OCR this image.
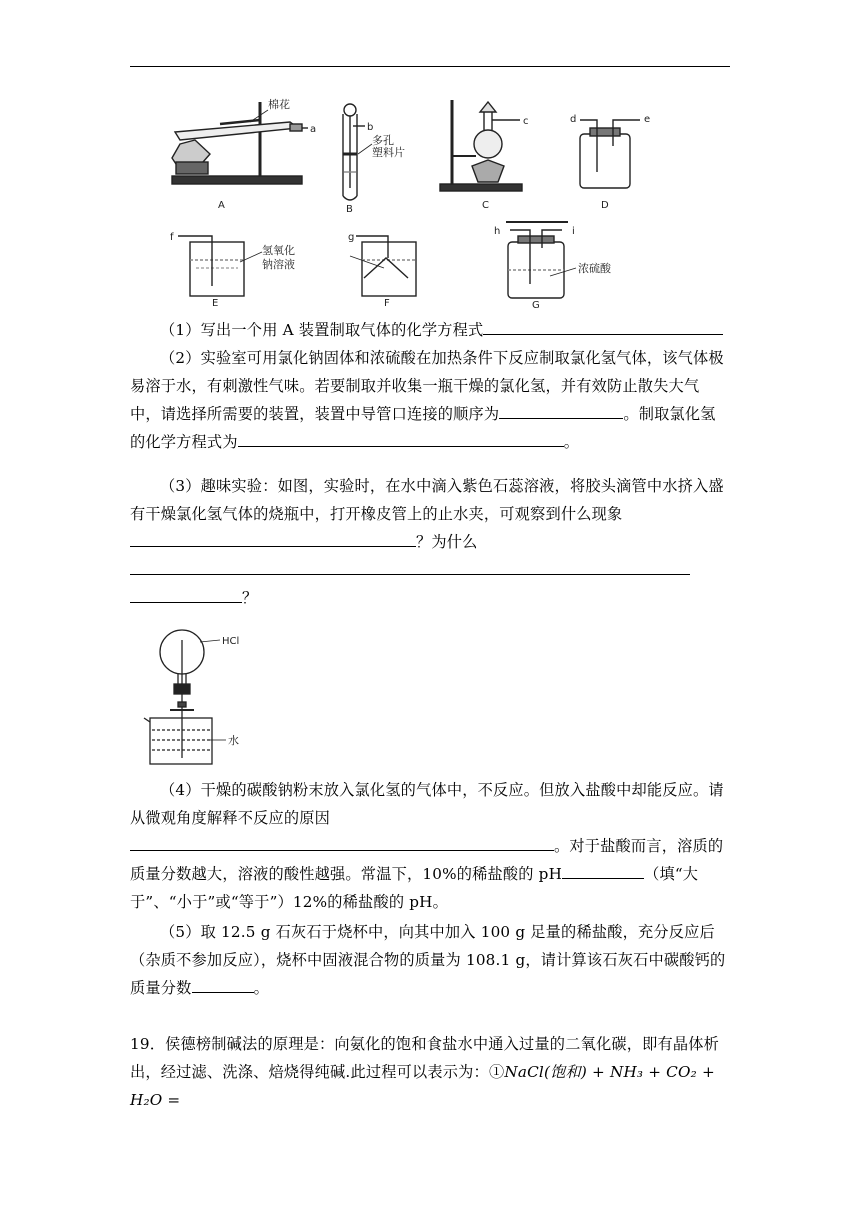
棉花
a	b
多孔
塑料片
c	d	e
f	g
h	i
氢氧化
钠溶液	浓硫酸
A	B	C	D
E	F	G
（1）写出一个用 A 装置制取气体的化学方程式
（2）实验室可用氯化钠固体和浓硫酸在加热条件下反应制取氯化氢气体，该气体极易溶于水，有刺激性气味。若要制取并收集一瓶干燥的氯化氢，并有效防止散失大气中，请选择所需要的装置，装置中导管口连接的顺序为	。制取氯化氢的化学方程式为	。
（3）趣味实验：如图，实验时，在水中滴入紫色石蕊溶液，将胶头滴管中水挤入盛有干燥氯化氢气体的烧瓶中，打开橡皮管上的止水夹，可观察到什么现象？为什么？
HCl
水
（4）干燥的碳酸钠粉末放入氯化氢的气体中，不反应。但放入盐酸中却能反应。请从微观角度解释不反应的原因。对于盐酸而言，溶质的质量分数越大，溶液的酸性越强。常温下，10%的稀盐酸的 pH	（填“大于”、“小于”或“等于”）12%的稀盐酸的 pH。
（5）取 12.5 g 石灰石于烧杯中，向其中加入 100 g 足量的稀盐酸，充分反应后（杂质不参加反应），烧杯中固液混合物的质量为 108.1 g，请计算该石灰石中碳酸钙的质量分数	。
19．侯德榜制碱法的原理是：向氨化的饱和食盐水中通入过量的二氧化碳，即有晶体析出，经过滤、洗涤、焙烧得纯碱.此过程可以表示为：①NaCl(饱和) + NH₃ + CO₂ + H₂O =
